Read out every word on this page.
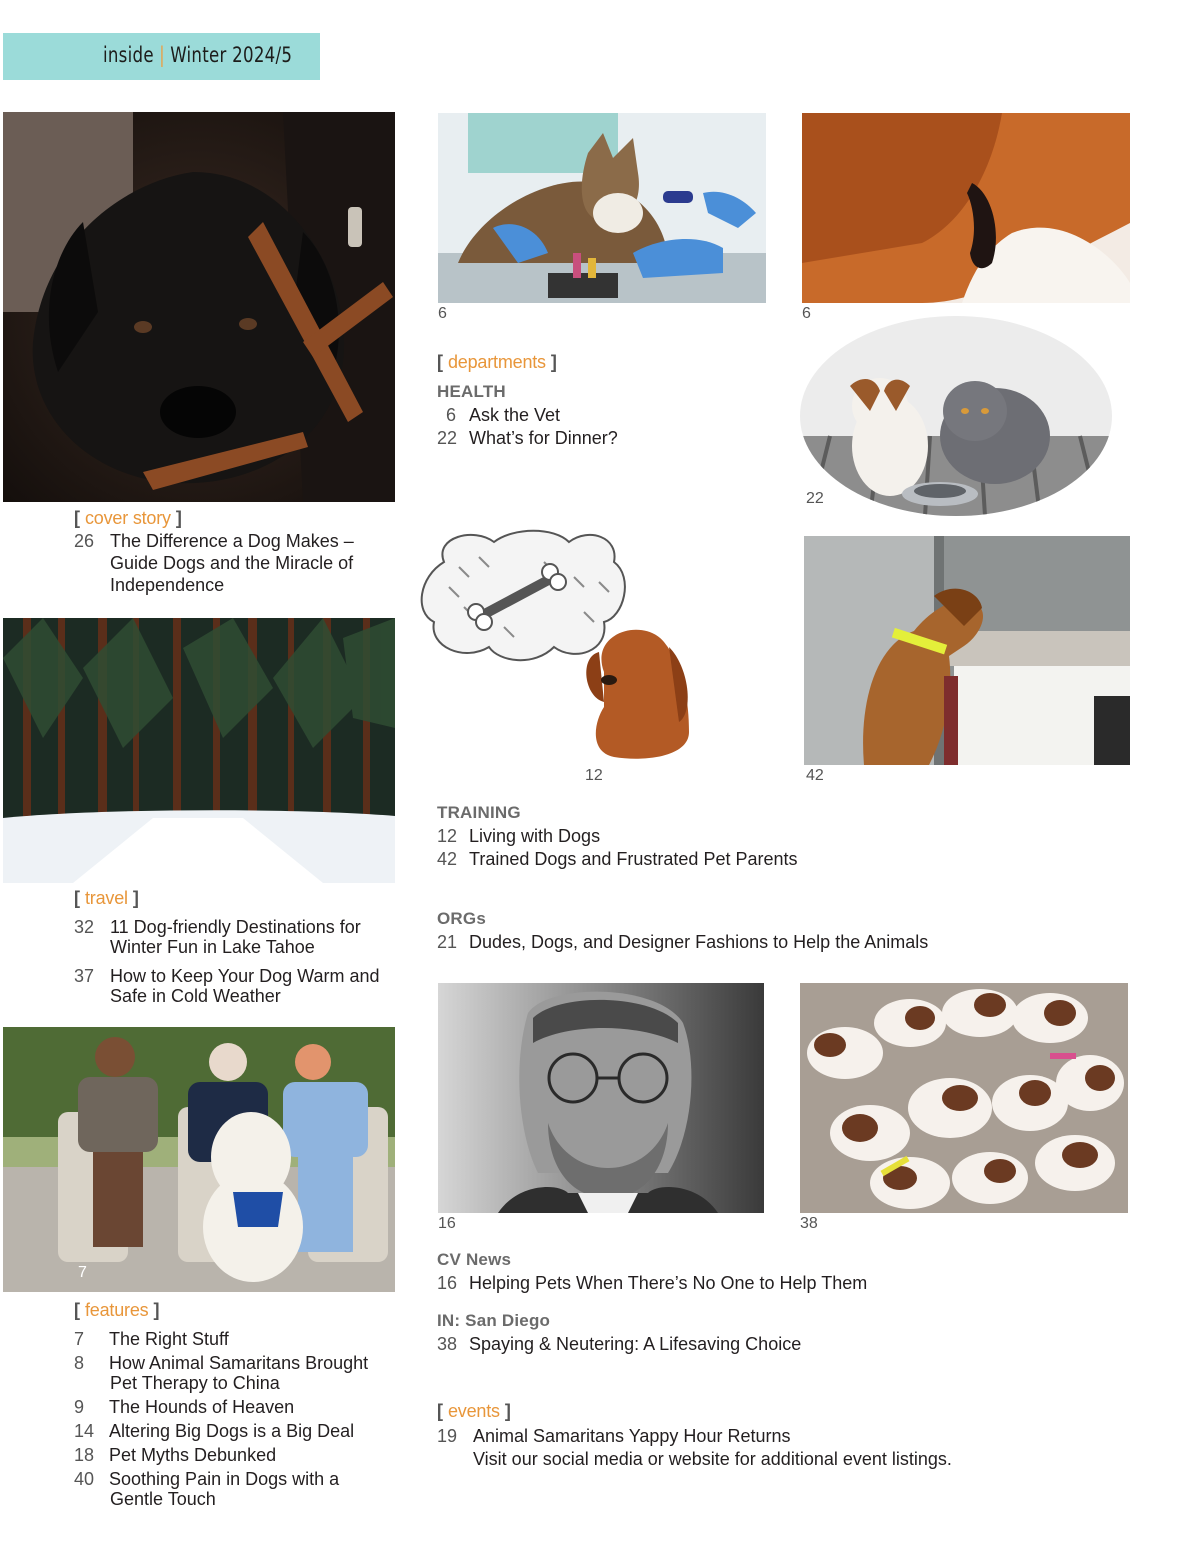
inside | Winter 2024/5
6	6
22
12	42
16	38
7
[ cover story ]
26 The Difference a Dog Makes –
Guide Dogs and the Miracle of
Independence
[ travel ]
32 11 Dog-friendly Destinations for
Winter Fun in Lake Tahoe
37 How to Keep Your Dog Warm and
Safe in Cold Weather
[ features ]
7 The Right Stuff
8 How Animal Samaritans Brought
Pet Therapy to China
9 The Hounds of Heaven
14 Altering Big Dogs is a Big Deal
18 Pet Myths Debunked
40 Soothing Pain in Dogs with a
Gentle Touch
[ departments ]
HEALTH
6 Ask the Vet
22 What’s for Dinner?
TRAINING
12 Living with Dogs
42 Trained Dogs and Frustrated Pet Parents
ORGs
21 Dudes, Dogs, and Designer Fashions to Help the Animals
CV News
16 Helping Pets When There’s No One to Help Them
IN: San Diego
38 Spaying & Neutering: A Lifesaving Choice
[ events ]
19 Animal Samaritans Yappy Hour Returns
Visit our social media or website for additional event listings.
